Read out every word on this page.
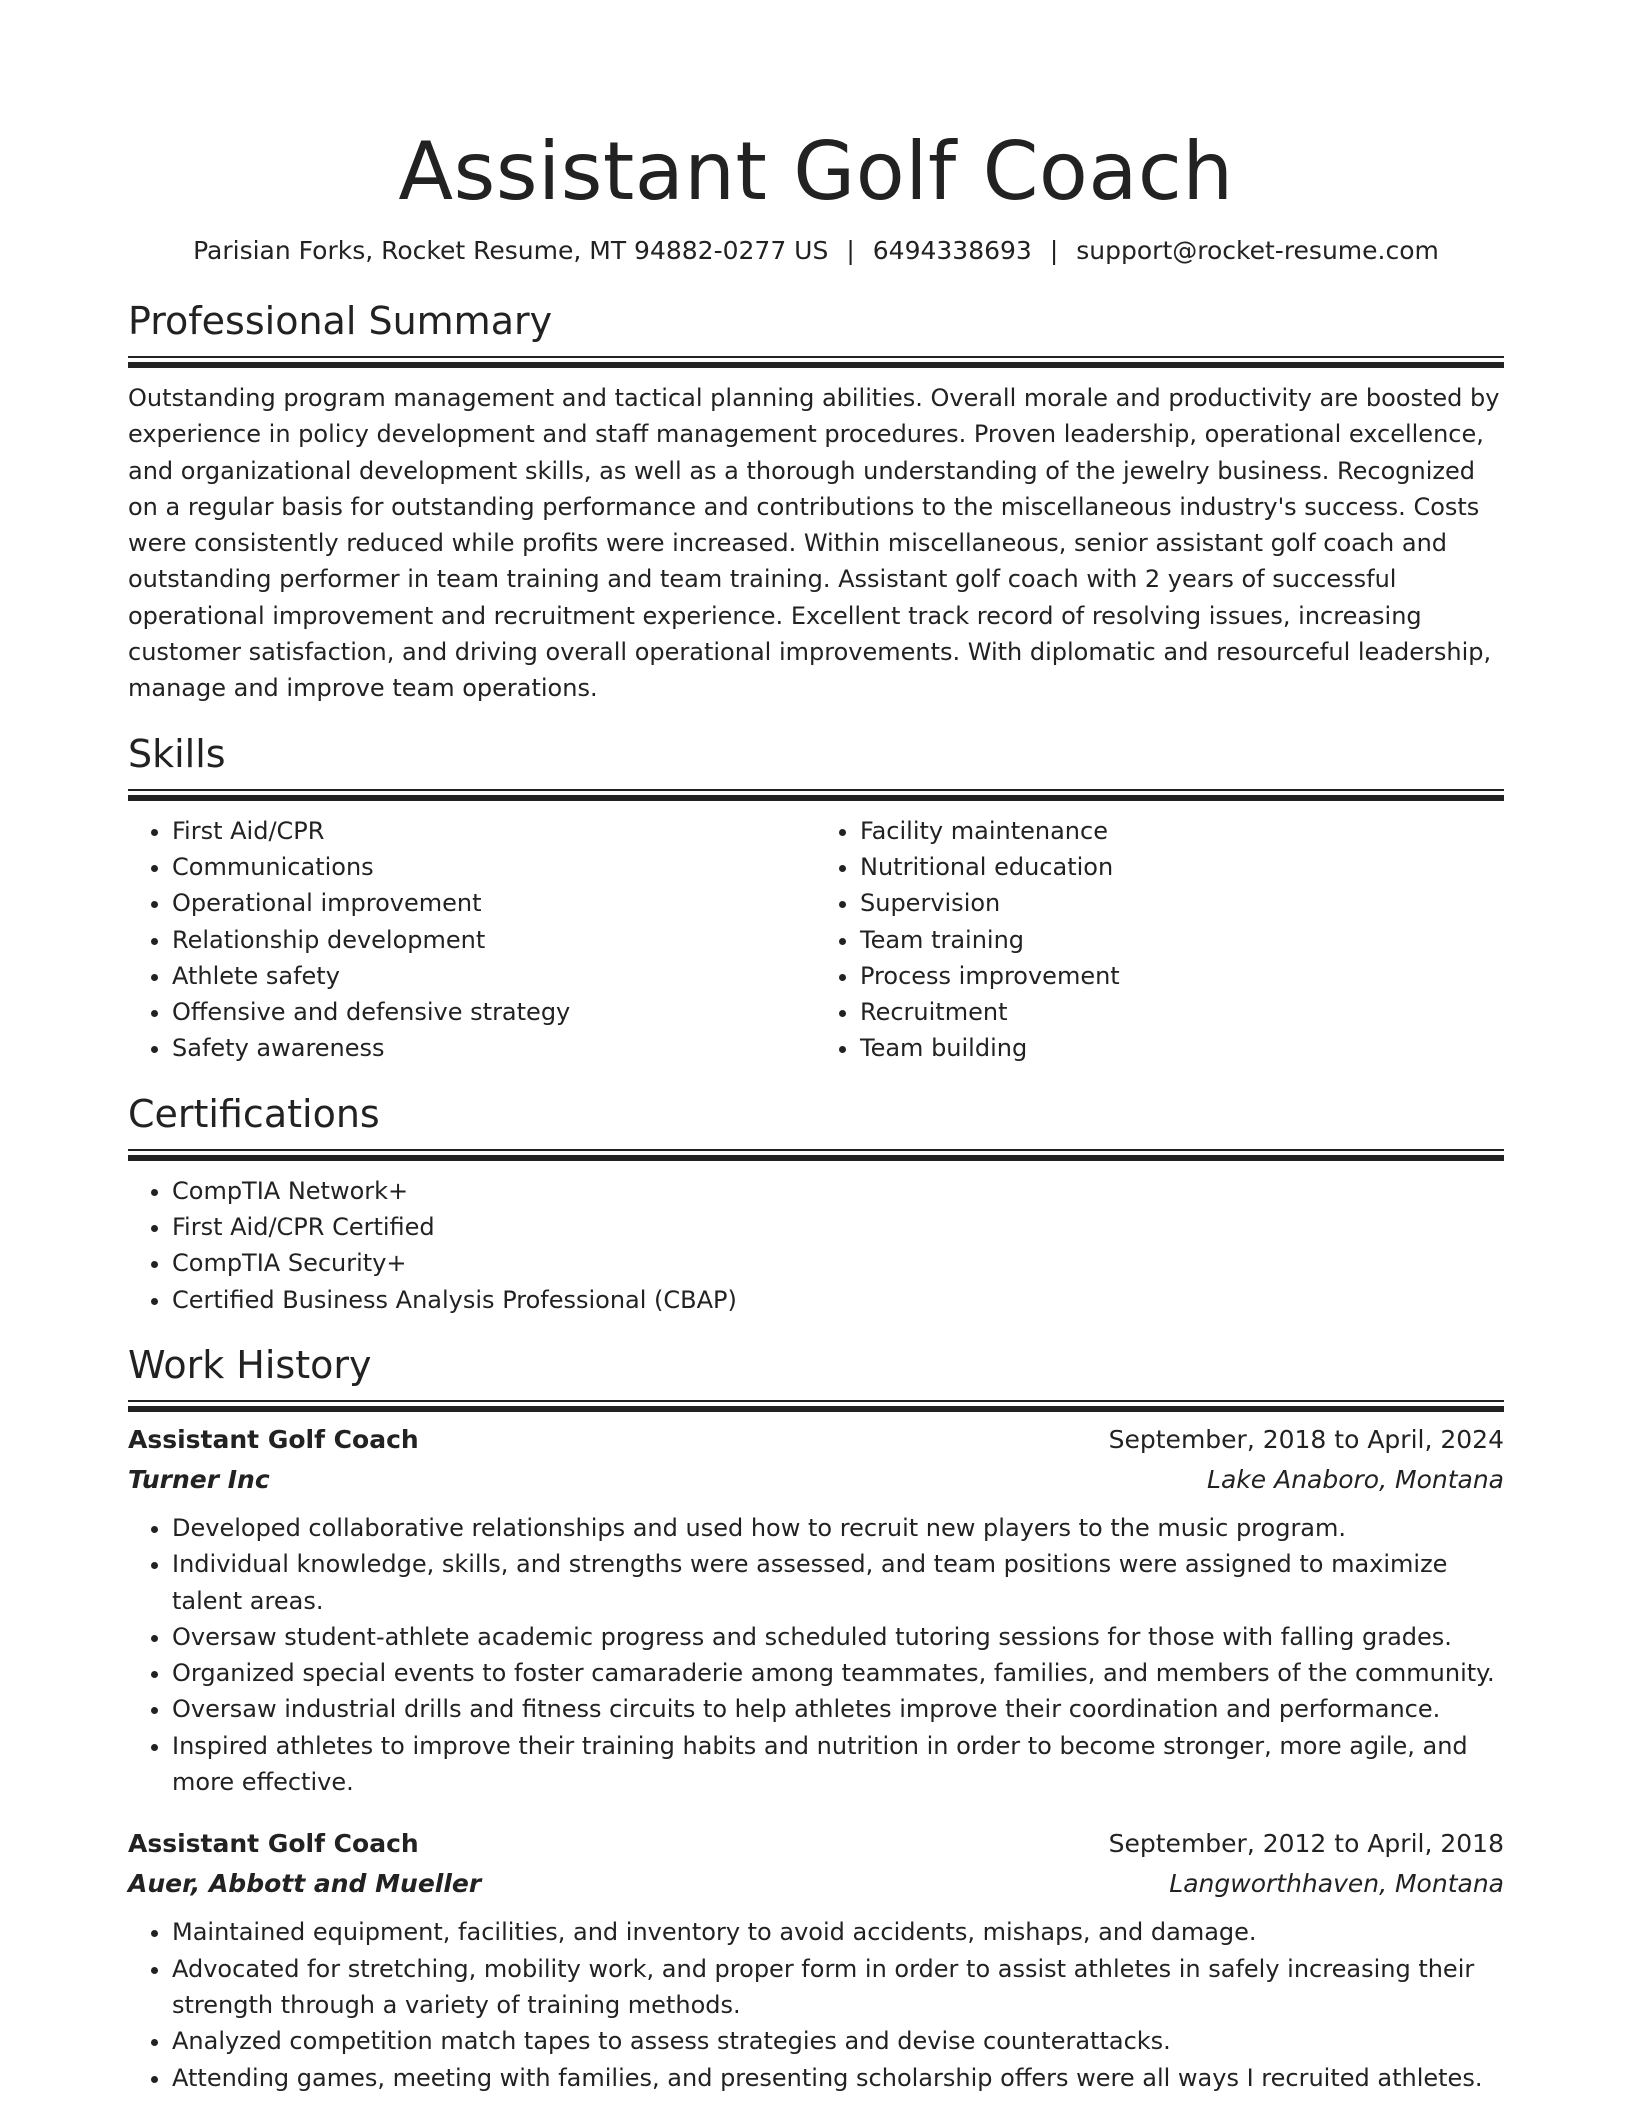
Assistant Golf Coach
Parisian Forks, Rocket Resume, MT 94882-0277 US | 6494338693 | support@rocket-resume.com
Professional Summary

Outstanding program management and tactical planning abilities. Overall morale and productivity are boosted by experience in policy development and staff management procedures. Proven leadership, operational excellence, and organizational development skills, as well as a thorough understanding of the jewelry business. Recognized on a regular basis for outstanding performance and contributions to the miscellaneous industry's success. Costs were consistently reduced while profits were increased. Within miscellaneous, senior assistant golf coach and outstanding performer in team training and team training. Assistant golf coach with 2 years of successful operational improvement and recruitment experience. Excellent track record of resolving issues, increasing customer satisfaction, and driving overall operational improvements. With diplomatic and resourceful leadership, manage and improve team operations.

Skills
• First Aid/CPR
• Communications
• Operational improvement
• Relationship development
• Athlete safety
• Offensive and defensive strategy
• Safety awareness
• Facility maintenance
• Nutritional education
• Supervision
• Team training
• Process improvement
• Recruitment
• Team building
Certifications
• CompTIA Network+
• First Aid/CPR Certified
• CompTIA Security+
• Certified Business Analysis Professional (CBAP)
Work History
Assistant Golf Coach	September, 2018 to April, 2024
Turner Inc	Lake Anaboro, Montana
• Developed collaborative relationships and used how to recruit new players to the music program.
• Individual knowledge, skills, and strengths were assessed, and team positions were assigned to maximize talent areas.
• Oversaw student-athlete academic progress and scheduled tutoring sessions for those with falling grades.
• Organized special events to foster camaraderie among teammates, families, and members of the community.
• Oversaw industrial drills and fitness circuits to help athletes improve their coordination and performance.
• Inspired athletes to improve their training habits and nutrition in order to become stronger, more agile, and more effective.
Assistant Golf Coach	September, 2012 to April, 2018
Auer, Abbott and Mueller	Langworthhaven, Montana
• Maintained equipment, facilities, and inventory to avoid accidents, mishaps, and damage.
• Advocated for stretching, mobility work, and proper form in order to assist athletes in safely increasing their strength through a variety of training methods.
• Analyzed competition match tapes to assess strategies and devise counterattacks.
• Attending games, meeting with families, and presenting scholarship offers were all ways I recruited athletes.
